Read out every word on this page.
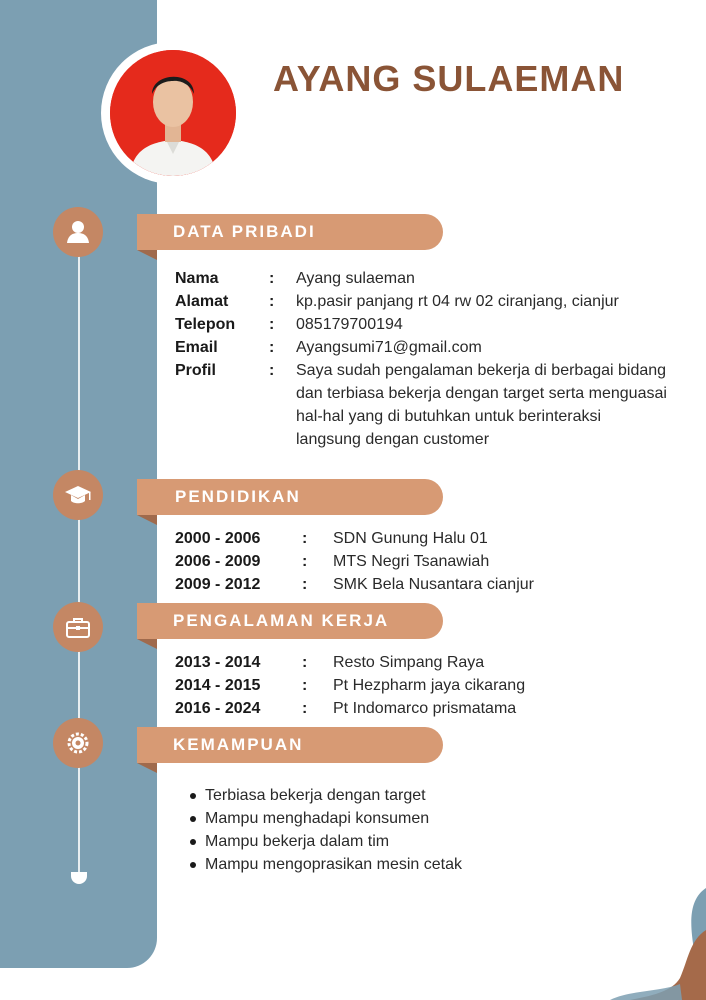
AYANG SULAEMAN
DATA PRIBADI
Nama	: Ayang sulaeman
Alamat	: kp.pasir panjang rt 04 rw 02 ciranjang, cianjur
Telepon : 085179700194
Email	: Ayangsumi71@gmail.com
Profil	: Saya sudah pengalaman bekerja di berbagai bidang
dan terbiasa bekerja dengan target serta menguasai
hal-hal yang di butuhkan untuk berinteraksi
langsung dengan customer
PENDIDIKAN
2000 - 2006	: SDN Gunung Halu 01
2006 - 2009	: MTS Negri Tsanawiah
2009 - 2012	: SMK Bela Nusantara cianjur
PENGALAMAN KERJA
2013 - 2014	: Resto Simpang Raya
2014 - 2015	: Pt Hezpharm jaya cikarang
2016 - 2024	: Pt Indomarco prismatama
KEMAMPUAN
Terbiasa bekerja dengan target
Mampu menghadapi konsumen
Mampu bekerja dalam tim
Mampu mengoprasikan mesin cetak
